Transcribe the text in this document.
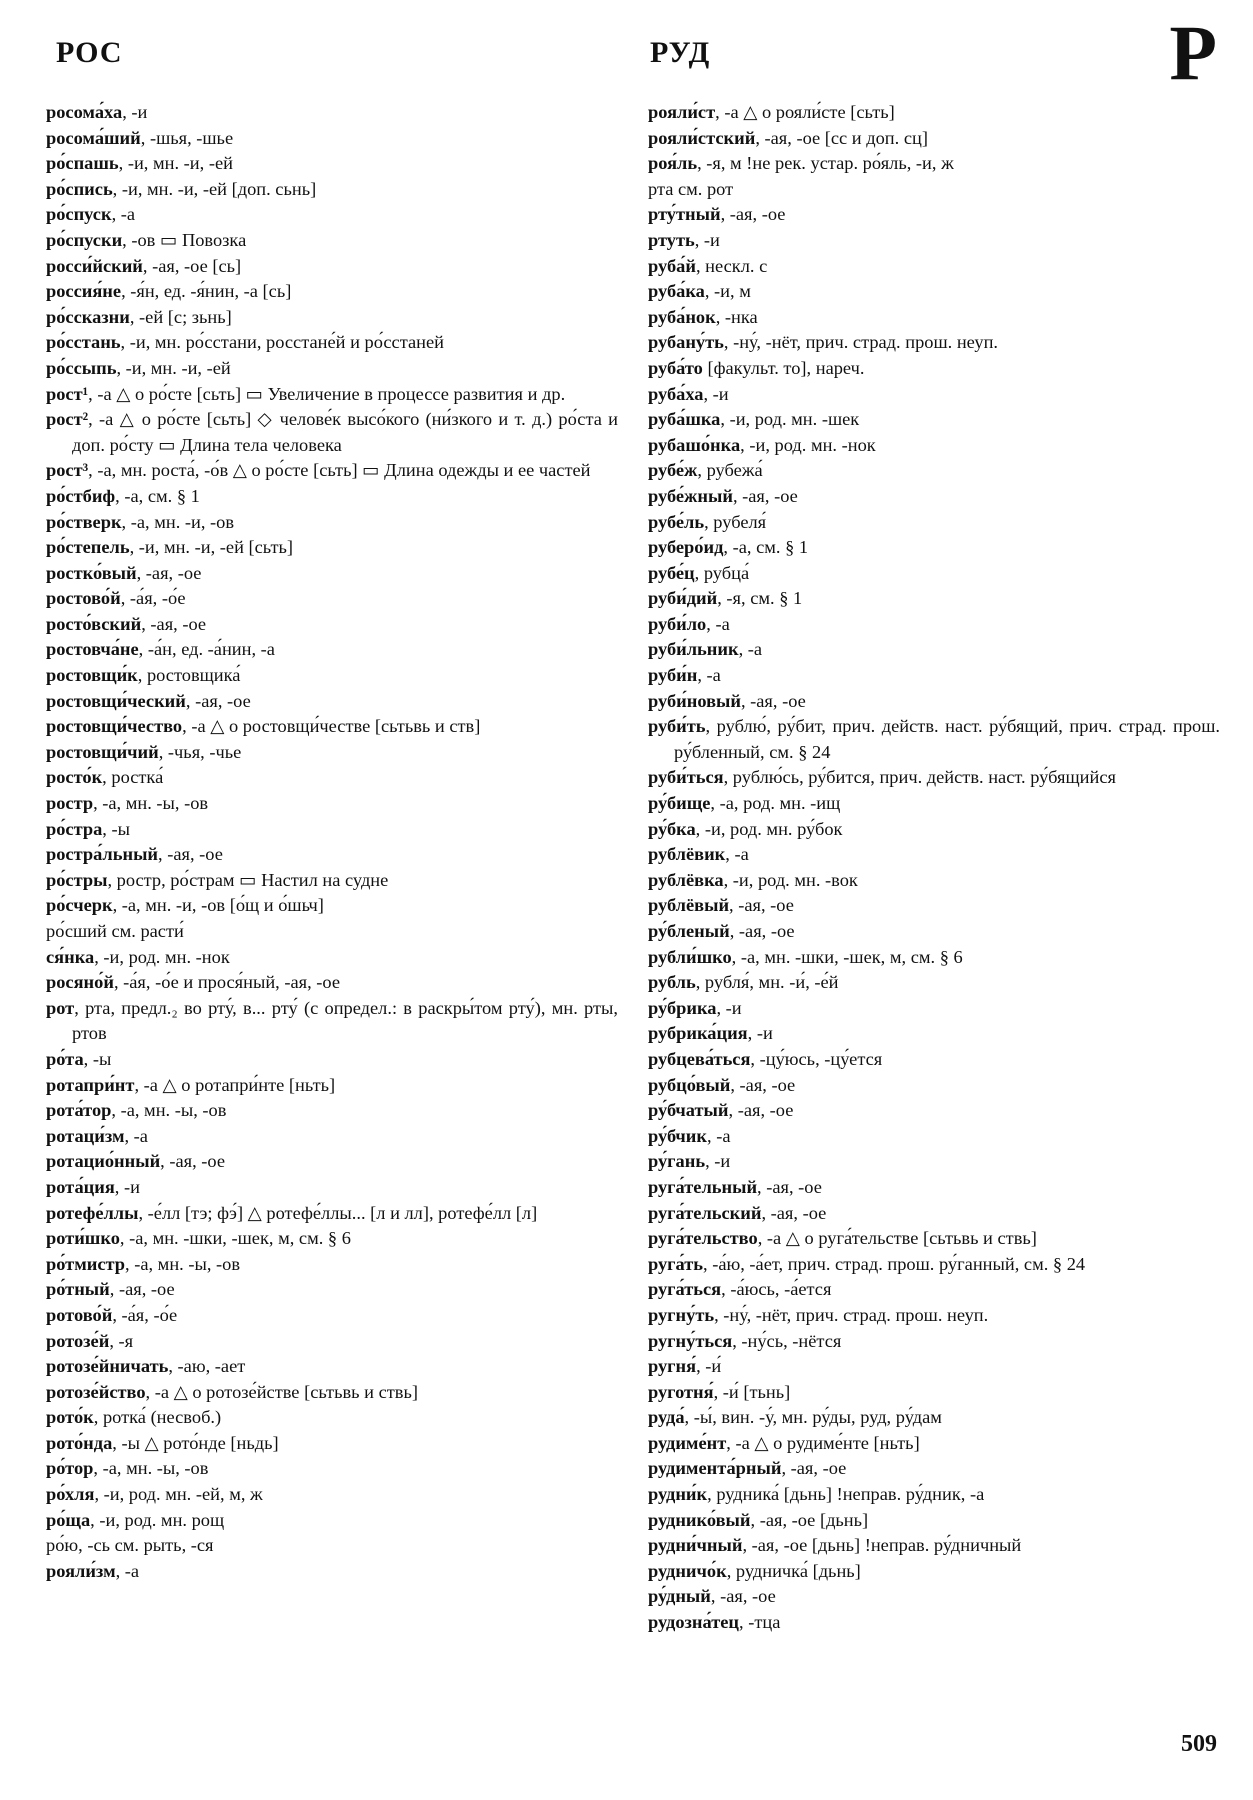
РОС	РУД	Р
росома́ха, -и
росома́ший, -шья, -шье
ро́спашь, -и, мн. -и, -ей
ро́спись, -и, мн. -и, -ей [доп. сьнь]
ро́спуск, -а
ро́спуски, -ов ▭ Повозка
росси́йский, -ая, -ое [сь]
россия́не, -я́н, ед. -я́нин, -а [сь]
ро́ссказни, -ей [с; зьнь]
ро́сстань, -и, мн. ро́сстани, росстане́й и ро́сстаней
ро́ссыпь, -и, мн. -и, -ей
рост¹, -а △ о ро́сте [сьть] ▭ Увеличение в процессе развития и др.
рост², -а △ о ро́сте [сьть] ◇ челове́к высо́кого (ни́зкого и т. д.) ро́ста и доп. ро́сту ▭ Длина тела человека
рост³, -а, мн. роста́, -о́в △ о ро́сте [сьть] ▭ Длина одежды и ее частей
ро́стбиф, -а, см. § 1
ро́стверк, -а, мн. -и, -ов
ро́степель, -и, мн. -и, -ей [сьть]
ростко́вый, -ая, -ое
ростово́й, -а́я, -о́е
росто́вский, -ая, -ое
ростовча́не, -а́н, ед. -а́нин, -а
ростовщи́к, ростовщика́
ростовщи́ческий, -ая, -ое
ростовщи́чество, -а △ о ростовщи́честве [сьтьвь и ств]
ростовщи́чий, -чья, -чье
росто́к, ростка́
ростр, -а, мн. -ы, -ов
ро́стра, -ы
ростра́льный, -ая, -ое
ро́стры, ростр, ро́страм ▭ Настил на судне
ро́счерк, -а, мн. -и, -ов [о́щ и о́шьч]
ро́сший см. расти́
ся́нка, -и, род. мн. -нок
росяно́й, -а́я, -о́е и прося́ный, -ая, -ое
рот, рта, предл.₂ во рту́, в... рту́ (с определ.: в раскры́том рту́), мн. рты, ртов
ро́та, -ы
ротапри́нт, -а △ о ротапри́нте [ньть]
рота́тор, -а, мн. -ы, -ов
ротаци́зм, -а
ротацио́нный, -ая, -ое
рота́ция, -и
ротефе́ллы, -е́лл [тэ; фэ́] △ ротефе́ллы... [л и лл], ротефе́лл [л]
роти́шко, -а, мн. -шки, -шек, м, см. § 6
ро́тмистр, -а, мн. -ы, -ов
ро́тный, -ая, -ое
ротово́й, -а́я, -о́е
ротозе́й, -я
ротозе́йничать, -аю, -ает
ротозе́йство, -а △ о ротозе́йстве [сьтьвь и ствь]
рото́к, ротка́ (несвоб.)
рото́нда, -ы △ рото́нде [ньдь]
ро́тор, -а, мн. -ы, -ов
ро́хля, -и, род. мн. -ей, м, ж
ро́ща, -и, род. мн. рощ
ро́ю, -сь см. рыть, -ся
рояли́зм, -а
рояли́ст, -а △ о рояли́сте [сьть]
рояли́стский, -ая, -ое [сс и доп. сц]
роя́ль, -я, м !не рек. устар. ро́яль, -и, ж
рта см. рот
рту́тный, -ая, -ое
ртуть, -и
руба́й, нескл. с
руба́ка, -и, м
руба́нок, -нка
рубану́ть, -ну́, -нёт, прич. страд. прош. неуп.
руба́то [факульт. то], нареч.
руба́ха, -и
руба́шка, -и, род. мн. -шек
рубашо́нка, -и, род. мн. -нок
рубе́ж, рубежа́
рубе́жный, -ая, -ое
рубе́ль, рубеля́
руберо́ид, -а, см. § 1
рубе́ц, рубца́
руби́дий, -я, см. § 1
руби́ло, -а
руби́льник, -а
руби́н, -а
руби́новый, -ая, -ое
руби́ть, рублю́, ру́бит, прич. действ. наст. ру́бящий, прич. страд. прош. ру́бленный, см. § 24
руби́ться, рублю́сь, ру́бится, прич. действ. наст. ру́бящийся
ру́бище, -а, род. мн. -ищ
ру́бка, -и, род. мн. ру́бок
рублёвик, -а
рублёвка, -и, род. мн. -вок
рублёвый, -ая, -ое
ру́бленый, -ая, -ое
рубли́шко, -а, мн. -шки, -шек, м, см. § 6
рубль, рубля́, мн. -и́, -е́й
ру́брика, -и
рубрика́ция, -и
рубцева́ться, -цу́юсь, -цу́ется
рубцо́вый, -ая, -ое
ру́бчатый, -ая, -ое
ру́бчик, -а
ру́гань, -и
руга́тельный, -ая, -ое
руга́тельский, -ая, -ое
руга́тельство, -а △ о руга́тельстве [сьтьвь и ствь]
руга́ть, -а́ю, -а́ет, прич. страд. прош. ру́ганный, см. § 24
руга́ться, -а́юсь, -а́ется
ругну́ть, -ну́, -нёт, прич. страд. прош. неуп.
ругну́ться, -ну́сь, -нётся
ругня́, -и́
руготня́, -и́ [тьнь]
руда́, -ы́, вин. -у́, мн. ру́ды, руд, ру́дам
рудиме́нт, -а △ о рудиме́нте [ньть]
рудимента́рный, -ая, -ое
рудни́к, рудника́ [дьнь] !неправ. ру́дник, -а
руднико́вый, -ая, -ое [дьнь]
рудни́чный, -ая, -ое [дьнь] !неправ. ру́дничный
рудничо́к, рудничка́ [дьнь]
ру́дный, -ая, -ое
рудозна́тец, -тца
509
